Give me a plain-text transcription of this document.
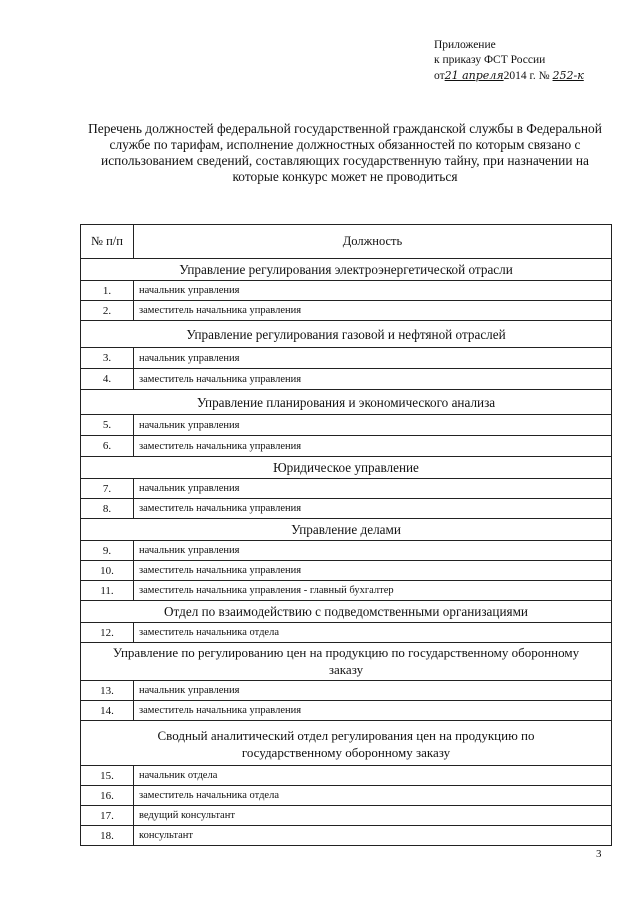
Приложение
к приказу ФСТ России
от21 апреля2014 г. № 252-к
Перечень должностей федеральной государственной гражданской службы в Федеральной службе по тарифам, исполнение должностных обязанностей по которым связано с использованием сведений, составляющих государственную тайну, при назначении на которые конкурс может не проводиться
№ п/п	Должность
Управление регулирования электроэнергетической отрасли	
1.	начальник управления
2.	заместитель начальника управления
Управление регулирования газовой и нефтяной отраслей	
3.	начальник управления
4.	заместитель начальника управления
Управление планирования и экономического анализа	
5.	начальник управления
6.	заместитель начальника управления
Юридическое управление	
7.	начальник управления
8.	заместитель начальника управления
Управление делами	
9.	начальник управления
10.	заместитель начальника управления
11.	заместитель начальника управления - главный бухгалтер
Отдел по взаимодействию с подведомственными организациями	
12.	заместитель начальника отдела
Управление по регулированию цен на продукцию по государственному оборонному заказу	
13.	начальник управления
14.	заместитель начальника управления
Сводный аналитический отдел регулирования цен на продукцию по государственному оборонному заказу	
15.	начальник отдела
16.	заместитель начальника отдела
17.	ведущий консультант
18.	консультант
3
